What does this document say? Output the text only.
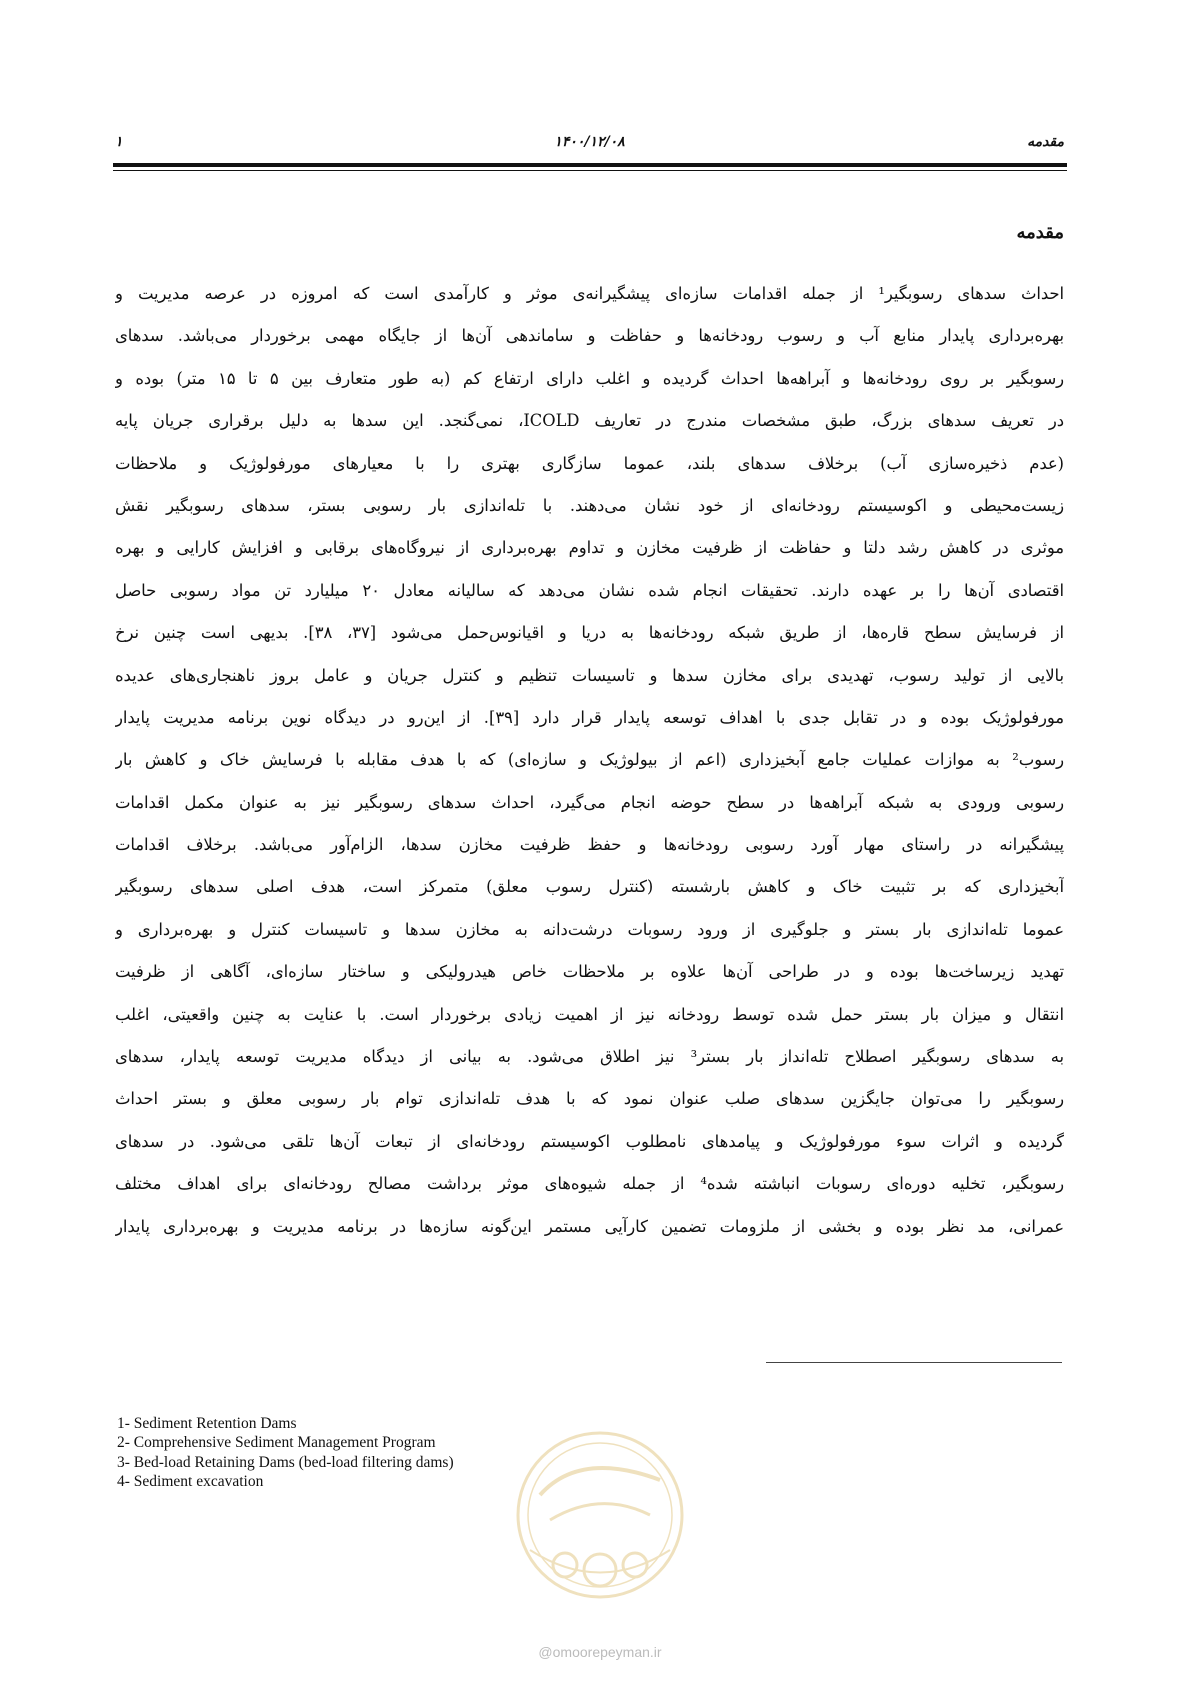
۱	۱۴۰۰/۱۲/۰۸	مقدمه
مقدمه
احداث سدهای رسوبگیر¹ از جمله اقدامات سازه‌ای پیشگیرانه‌ی موثر و کارآمدی است که امروزه در عرصه مدیریت و
بهره‌برداری پایدار منابع آب و رسوب رودخانه‌ها و حفاظت و ساماندهی آن‌ها از جایگاه مهمی برخوردار می‌باشد. سدهای
رسوبگیر بر روی رودخانه‌ها و آبراهه‌ها احداث گردیده و اغلب دارای ارتفاع کم (به طور متعارف بین ۵ تا ۱۵ متر) بوده و
در تعریف سدهای بزرگ، طبق مشخصات مندرج در تعاریف ICOLD، نمی‌گنجد. این سدها به دلیل برقراری جریان پایه
(عدم ذخیره‌سازی آب) برخلاف سدهای بلند، عموما سازگاری بهتری را با معیارهای مورفولوژیک و ملاحظات
زیست‌محیطی و اکوسیستم رودخانه‌ای از خود نشان می‌دهند. با تله‌اندازی بار رسوبی بستر، سدهای رسوبگیر نقش
موثری در کاهش رشد دلتا و حفاظت از ظرفیت مخازن و تداوم بهره‌برداری از نیروگاه‌های برقابی و افزایش کارایی و بهره
اقتصادی آن‌ها را بر عهده دارند. تحقیقات انجام شده نشان می‌دهد که سالیانه معادل ۲۰ میلیارد تن مواد رسوبی حاصل
از فرسایش سطح قاره‌ها، از طریق شبکه رودخانه‌ها به دریا و اقیانوس‌حمل می‌شود [۳۷، ۳۸]. بدیهی است چنین نرخ
بالایی از تولید رسوب، تهدیدی برای مخازن سدها و تاسیسات تنظیم و کنترل جریان و عامل بروز ناهنجاری‌های عدیده
مورفولوژیک بوده و در تقابل جدی با اهداف توسعه پایدار قرار دارد [۳۹]. از این‌رو در دیدگاه نوین برنامه مدیریت پایدار
رسوب² به موازات عملیات جامع آبخیزداری (اعم از بیولوژیک و سازه‌ای) که با هدف مقابله با فرسایش خاک و کاهش بار
رسوبی ورودی به شبکه آبراهه‌ها در سطح حوضه انجام می‌گیرد، احداث سدهای رسوبگیر نیز به عنوان مکمل اقدامات
پیشگیرانه در راستای مهار آورد رسوبی رودخانه‌ها و حفظ ظرفیت مخازن سدها، الزام‌آور می‌باشد. برخلاف اقدامات
آبخیزداری که بر تثبیت خاک و کاهش بارشسته (کنترل رسوب معلق) متمرکز است، هدف اصلی سدهای رسوبگیر
عموما تله‌اندازی بار بستر و جلوگیری از ورود رسوبات درشت‌دانه به مخازن سدها و تاسیسات کنترل و بهره‌برداری و
تهدید زیرساخت‌ها بوده و در طراحی آن‌ها علاوه بر ملاحظات خاص هیدرولیکی و ساختار سازه‌ای، آگاهی از ظرفیت
انتقال و میزان بار بستر حمل شده توسط رودخانه نیز از اهمیت زیادی برخوردار است. با عنایت به چنین واقعیتی، اغلب
به سدهای رسوبگیر اصطلاح تله‌انداز بار بستر³ نیز اطلاق می‌شود. به بیانی از دیدگاه مدیریت توسعه پایدار، سدهای
رسوبگیر را می‌توان جایگزین سدهای صلب عنوان نمود که با هدف تله‌اندازی توام بار رسوبی معلق و بستر احداث
گردیده و اثرات سوء مورفولوژیک و پیامدهای نامطلوب اکوسیستم رودخانه‌ای از تبعات آن‌ها تلقی می‌شود. در سدهای
رسوبگیر، تخلیه دوره‌ای رسوبات انباشته شده⁴ از جمله شیوه‌های موثر برداشت مصالح رودخانه‌ای برای اهداف مختلف
عمرانی، مد نظر بوده و بخشی از ملزومات تضمین کارآیی مستمر این‌گونه سازه‌ها در برنامه مدیریت و بهره‌برداری پایدار
1- Sediment Retention Dams
2- Comprehensive Sediment Management Program
3- Bed-load Retaining Dams (bed-load filtering dams)
4- Sediment excavation
@omoorepeyman.ir
